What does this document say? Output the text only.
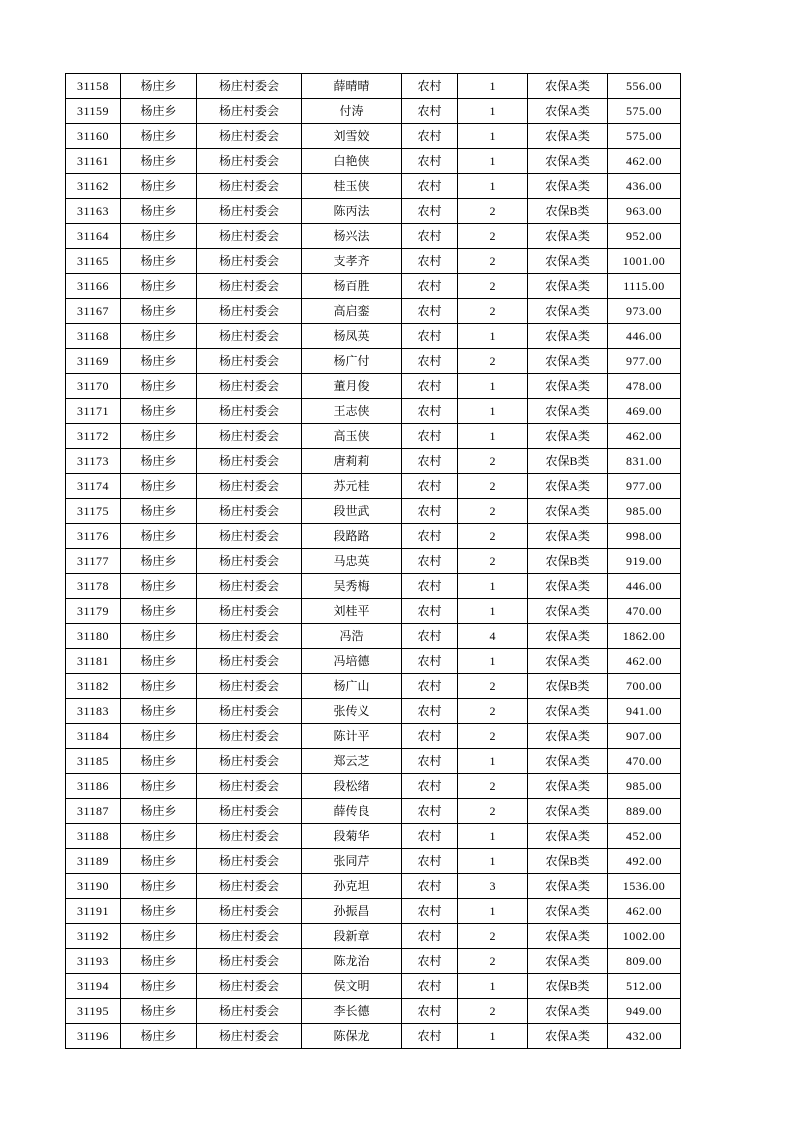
31158	杨庄乡	杨庄村委会	薛晴晴	农村	1	农保A类	556.00
31159	杨庄乡	杨庄村委会	付涛	农村	1	农保A类	575.00
31160	杨庄乡	杨庄村委会	刘雪姣	农村	1	农保A类	575.00
31161	杨庄乡	杨庄村委会	白艳侠	农村	1	农保A类	462.00
31162	杨庄乡	杨庄村委会	桂玉侠	农村	1	农保A类	436.00
31163	杨庄乡	杨庄村委会	陈丙法	农村	2	农保B类	963.00
31164	杨庄乡	杨庄村委会	杨兴法	农村	2	农保A类	952.00
31165	杨庄乡	杨庄村委会	支孝齐	农村	2	农保A类	1001.00
31166	杨庄乡	杨庄村委会	杨百胜	农村	2	农保A类	1115.00
31167	杨庄乡	杨庄村委会	高启銮	农村	2	农保A类	973.00
31168	杨庄乡	杨庄村委会	杨凤英	农村	1	农保A类	446.00
31169	杨庄乡	杨庄村委会	杨广付	农村	2	农保A类	977.00
31170	杨庄乡	杨庄村委会	董月俊	农村	1	农保A类	478.00
31171	杨庄乡	杨庄村委会	王志侠	农村	1	农保A类	469.00
31172	杨庄乡	杨庄村委会	高玉侠	农村	1	农保A类	462.00
31173	杨庄乡	杨庄村委会	唐莉莉	农村	2	农保B类	831.00
31174	杨庄乡	杨庄村委会	苏元桂	农村	2	农保A类	977.00
31175	杨庄乡	杨庄村委会	段世武	农村	2	农保A类	985.00
31176	杨庄乡	杨庄村委会	段路路	农村	2	农保A类	998.00
31177	杨庄乡	杨庄村委会	马忠英	农村	2	农保B类	919.00
31178	杨庄乡	杨庄村委会	吴秀梅	农村	1	农保A类	446.00
31179	杨庄乡	杨庄村委会	刘桂平	农村	1	农保A类	470.00
31180	杨庄乡	杨庄村委会	冯浩	农村	4	农保A类	1862.00
31181	杨庄乡	杨庄村委会	冯培德	农村	1	农保A类	462.00
31182	杨庄乡	杨庄村委会	杨广山	农村	2	农保B类	700.00
31183	杨庄乡	杨庄村委会	张传义	农村	2	农保A类	941.00
31184	杨庄乡	杨庄村委会	陈计平	农村	2	农保A类	907.00
31185	杨庄乡	杨庄村委会	郑云芝	农村	1	农保A类	470.00
31186	杨庄乡	杨庄村委会	段松绪	农村	2	农保A类	985.00
31187	杨庄乡	杨庄村委会	薛传良	农村	2	农保A类	889.00
31188	杨庄乡	杨庄村委会	段菊华	农村	1	农保A类	452.00
31189	杨庄乡	杨庄村委会	张同芹	农村	1	农保B类	492.00
31190	杨庄乡	杨庄村委会	孙克坦	农村	3	农保A类	1536.00
31191	杨庄乡	杨庄村委会	孙振昌	农村	1	农保A类	462.00
31192	杨庄乡	杨庄村委会	段新章	农村	2	农保A类	1002.00
31193	杨庄乡	杨庄村委会	陈龙治	农村	2	农保A类	809.00
31194	杨庄乡	杨庄村委会	侯文明	农村	1	农保B类	512.00
31195	杨庄乡	杨庄村委会	李长德	农村	2	农保A类	949.00
31196	杨庄乡	杨庄村委会	陈保龙	农村	1	农保A类	432.00
